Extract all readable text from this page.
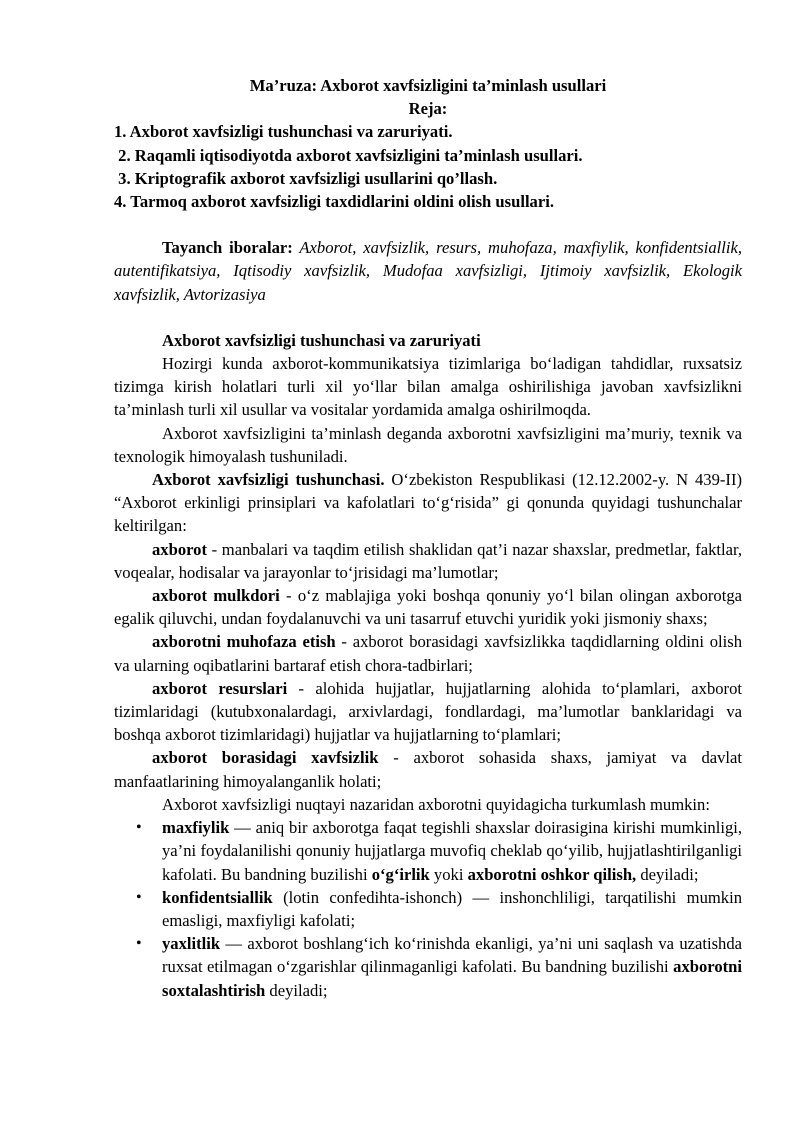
Ma’ruza: Axborot xavfsizligini ta’minlash usullari
Reja:
1. Axborot xavfsizligi tushunchasi va zaruriyati.
2. Raqamli iqtisodiyotda axborot xavfsizligini ta’minlash usullari.
3. Kriptografik axborot xavfsizligi usullarini qo’llash.
4. Tarmoq axborot xavfsizligi taxdidlarini oldini olish usullari.

Tayanch iboralar: Axborot, xavfsizlik, resurs, muhofaza, maxfiylik, konfidentsiallik, autentifikatsiya, Iqtisodiy xavfsizlik, Mudofaa xavfsizligi, Ijtimoiy xavfsizlik, Ekologik xavfsizlik, Avtorizasiya

Axborot xavfsizligi tushunchasi va zaruriyati

Hozirgi kunda axborot-kommunikatsiya tizimlariga bo‘ladigan tahdidlar, ruxsatsiz tizimga kirish holatlari turli xil yo‘llar bilan amalga oshirilishiga javoban xavfsizlikni ta’minlash turli xil usullar va vositalar yordamida amalga oshirilmoqda.

Axborot xavfsizligini ta’minlash deganda axborotni xavfsizligini ma’muriy, texnik va texnologik himoyalash tushuniladi.

Axborot xavfsizligi tushunchasi. O‘zbekiston Respublikasi (12.12.2002-y. N 439-II) “Axborot erkinligi prinsiplari va kafolatlari to‘g‘risida” gi qonunda quyidagi tushunchalar keltirilgan:

axborot - manbalari va taqdim etilish shaklidan qat’i nazar shaxslar, predmetlar, faktlar, voqealar, hodisalar va jarayonlar to‘jrisidagi ma’lumotlar;

axborot mulkdori - o‘z mablajiga yoki boshqa qonuniy yo‘l bilan olingan axborotga egalik qiluvchi, undan foydalanuvchi va uni tasarruf etuvchi yuridik yoki jismoniy shaxs;

axborotni muhofaza etish - axborot borasidagi xavfsizlikka taqdidlarning oldini olish va ularning oqibatlarini bartaraf etish chora-tadbirlari;

axborot resurslari - alohida hujjatlar, hujjatlarning alohida to‘plamlari, axborot tizimlaridagi (kutubxonalardagi, arxivlardagi, fondlardagi, ma’lumotlar banklaridagi va boshqa axborot tizimlaridagi) hujjatlar va hujjatlarning to‘plamlari;

axborot borasidagi xavfsizlik - axborot sohasida shaxs, jamiyat va davlat manfaatlarining himoyalanganlik holati;

Axborot xavfsizligi nuqtayi nazaridan axborotni quyidagicha turkumlash mumkin:

• maxfiylik — aniq bir axborotga faqat tegishli shaxslar doirasigina kirishi mumkinligi, ya’ni foydalanilishi qonuniy hujjatlarga muvofiq cheklab qo‘yilib, hujjatlashtirilganligi kafolati. Bu bandning buzilishi o‘g‘irlik yoki axborotni oshkor qilish, deyiladi;
• konfidentsiallik (lotin confedihta-ishonch) — inshonchliligi, tarqatilishi mumkin emasligi, maxfiyligi kafolati;
• yaxlitlik — axborot boshlang‘ich ko‘rinishda ekanligi, ya’ni uni saqlash va uzatishda ruxsat etilmagan o‘zgarishlar qilinmaganligi kafolati. Bu bandning buzilishi axborotni soxtalashtirish deyiladi;
